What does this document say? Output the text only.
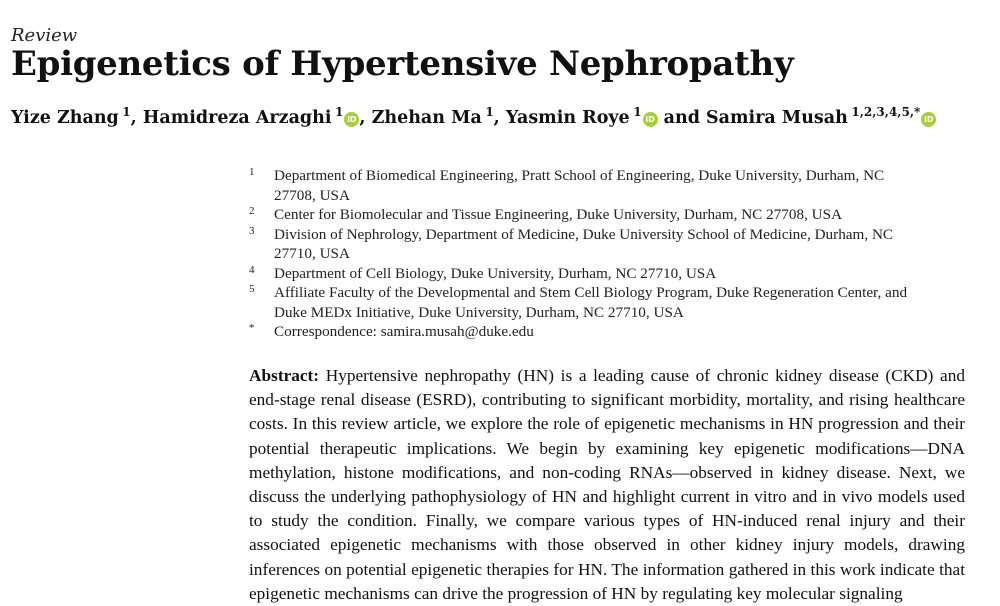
Review
Epigenetics of Hypertensive Nephropathy
Yize Zhang  $^1$, Hamidreza Arzaghi  $^1$iD , Zhehan Ma  $^1$, Yasmin Roye  $^1$iD and Samira Musah  $^{1,2,3,4,5,*}$iD
1 Department of Biomedical Engineering, Pratt School of Engineering, Duke University, Durham, NC 27708, USA
2 Center for Biomolecular and Tissue Engineering, Duke University, Durham, NC 27708, USA
3 Division of Nephrology, Department of Medicine, Duke University School of Medicine, Durham, NC 27710, USA
4 Department of Cell Biology, Duke University, Durham, NC 27710, USA
5 Affiliate Faculty of the Developmental and Stem Cell Biology Program, Duke Regeneration Center, and Duke MEDx Initiative, Duke University, Durham, NC 27710, USA
* Correspondence: samira.musah@duke.edu

Abstract: Hypertensive nephropathy (HN) is a leading cause of chronic kidney disease (CKD) and end-stage renal disease (ESRD), contributing to significant morbidity, mortality, and rising healthcare costs. In this review article, we explore the role of epigenetic mechanisms in HN progression and their potential therapeutic implications. We begin by examining key epigenetic modifications—DNA methylation, histone modifications, and non-coding RNAs—observed in kidney disease. Next, we discuss the underlying pathophysiology of HN and highlight current in vitro and in vivo models used to study the condition. Finally, we compare various types of HN-induced renal injury and their associated epigenetic mechanisms with those observed in other kidney injury models, drawing inferences on potential epigenetic therapies for HN. The information gathered in this work indicate that epigenetic mechanisms can drive the progression of HN by regulating key molecular signaling
